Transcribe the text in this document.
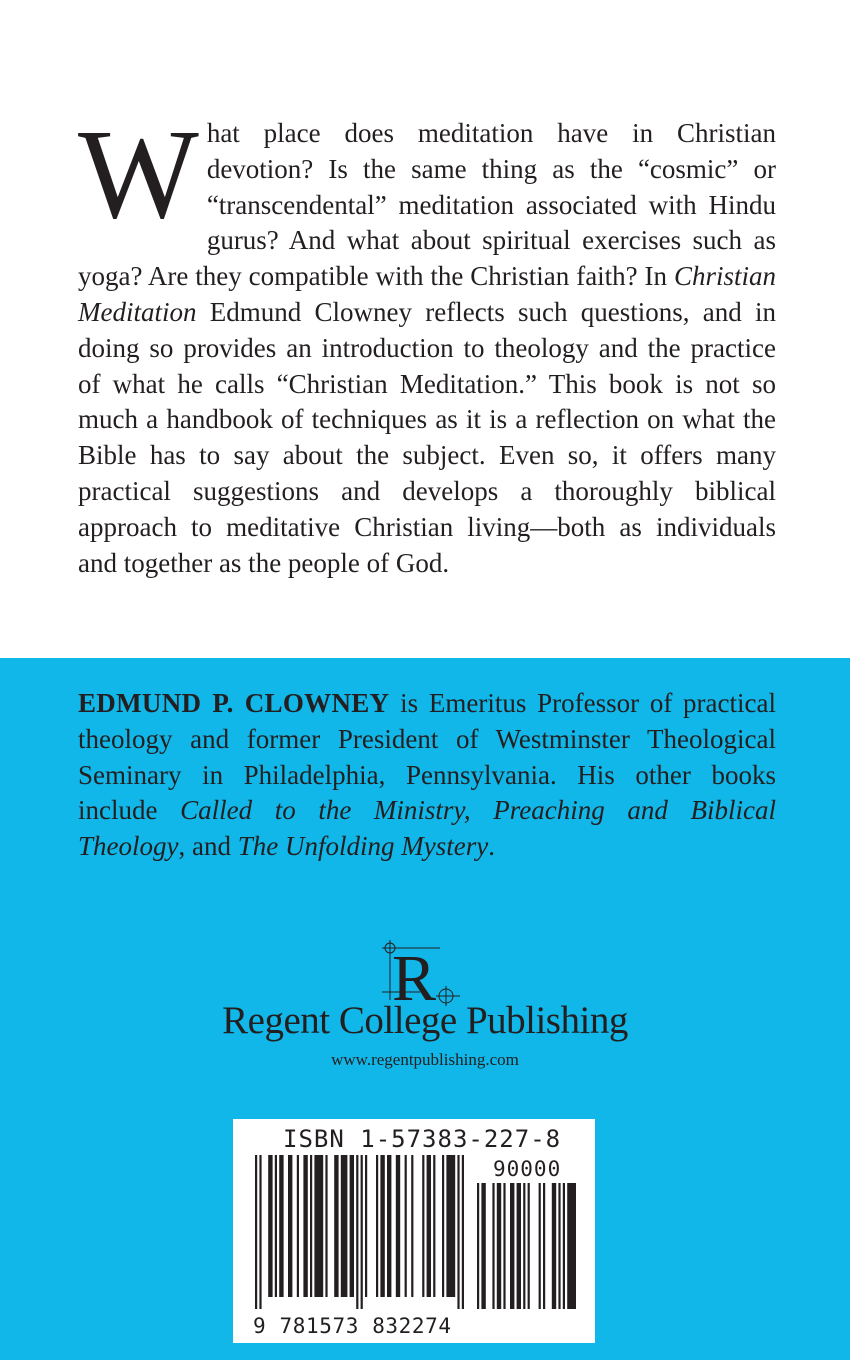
W hat place does meditation have in Christian devotion? Is the same thing as the “cosmic” or “transcendental” meditation associated with Hindu gurus? And what about spiritual exercises such as yoga? Are they compatible with the Christian faith? In Christian Meditation Edmund Clowney reflects such questions, and in doing so provides an introduction to theology and the practice of what he calls “Christian Meditation.” This book is not so much a handbook of techniques as it is a reflection on what the Bible has to say about the subject. Even so, it offers many practical suggestions and develops a thoroughly biblical approach to meditative Christian living—both as individuals and together as the people of God.
EDMUND P. CLOWNEY is Emeritus Professor of practical theology and former President of Westminster Theological Seminary in Philadelphia, Pennsylvania. His other books include Called to the Ministry, Preaching and Biblical Theology, and The Unfolding Mystery.
R
Regent College Publishing
www.regentpublishing.com
ISBN 1-57383-227-8
90000
9 781573 832274
